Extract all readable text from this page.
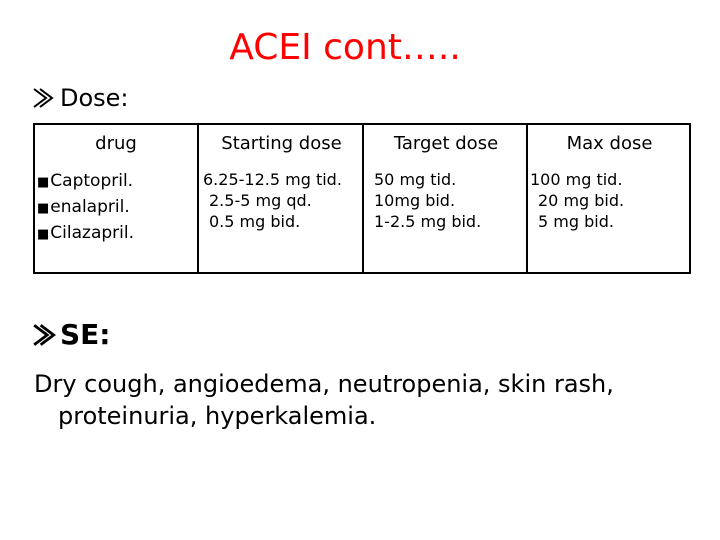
ACEI cont…..
Dose:
drug
■Captopril.
■enalapril.
■Cilazapril.
Starting dose
6.25-12.5 mg tid.
2.5-5 mg qd.
0.5 mg bid.
Target dose
50 mg tid.
10mg bid.
1-2.5 mg bid.
Max dose
100 mg tid.
20 mg bid.
5 mg bid.
SE:
Dry cough, angioedema, neutropenia, skin rash,
proteinuria, hyperkalemia.
